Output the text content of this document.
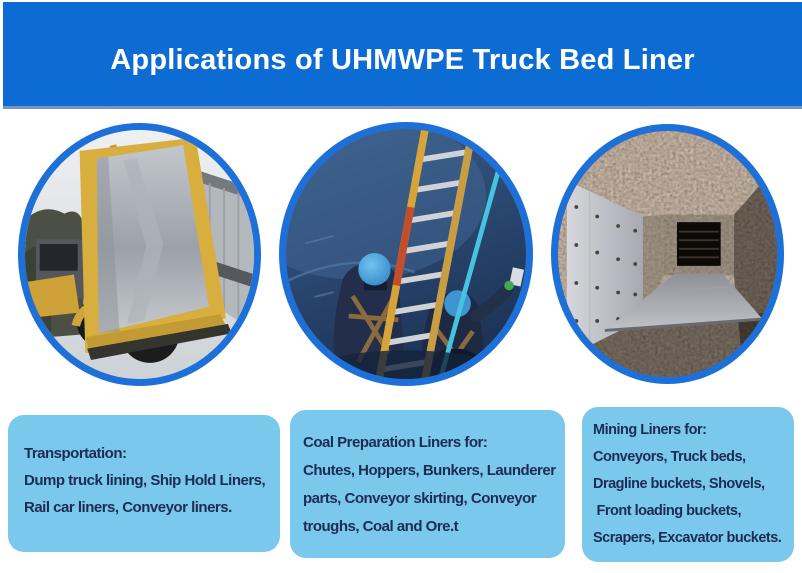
Applications of UHMWPE Truck Bed Liner

Transportation:

Dump truck lining, Ship Hold Liners,

Rail car liners, Conveyor liners.

Coal Preparation Liners for:

Chutes, Hoppers, Bunkers, Launderer

parts, Conveyor skirting, Conveyor

troughs, Coal and Ore.t

Mining Liners for:

Conveyors, Truck beds,

Dragline buckets, Shovels,

Front loading buckets,

Scrapers, Excavator buckets.
